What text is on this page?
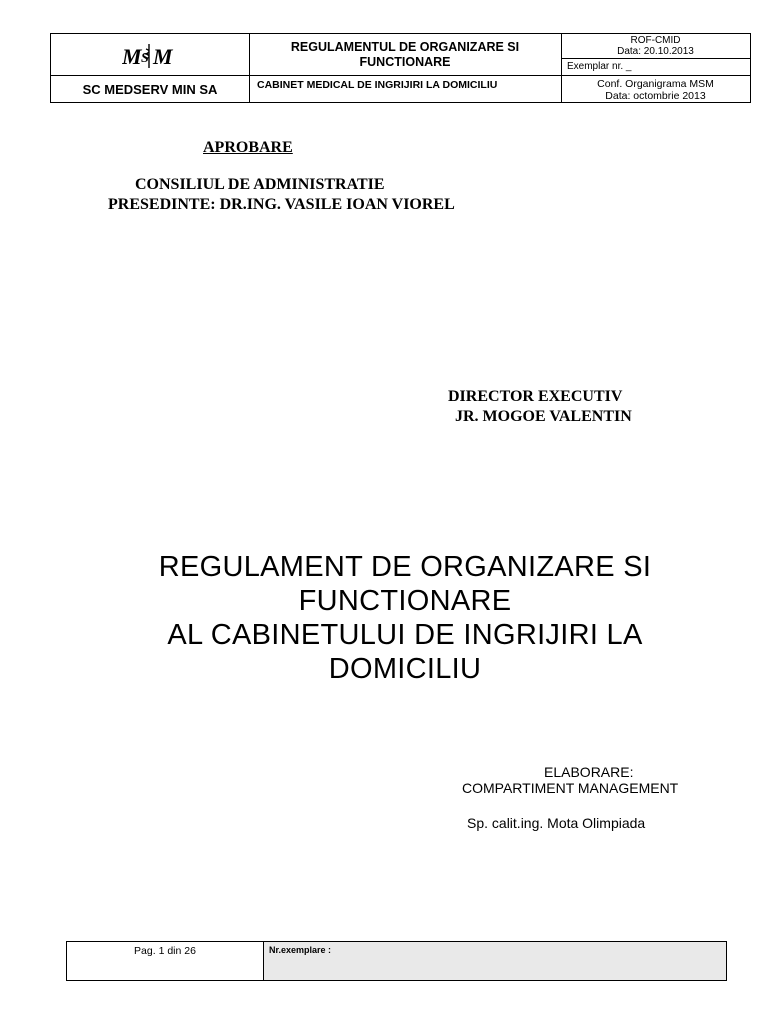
M S M
SC MEDSERV MIN SA
REGULAMENTUL DE ORGANIZARE SI FUNCTIONARE
CABINET MEDICAL DE INGRIJIRI LA DOMICILIU
ROF-CMID
Data: 20.10.2013
Exemplar nr. _
Conf. Organigrama MSM
Data: octombrie 2013
APROBARE
CONSILIUL DE ADMINISTRATIE
PRESEDINTE: DR.ING. VASILE IOAN VIOREL
DIRECTOR EXECUTIV
JR. MOGOE VALENTIN
REGULAMENT DE ORGANIZARE SI
FUNCTIONARE
AL CABINETULUI DE INGRIJIRI LA
DOMICILIU
ELABORARE:
COMPARTIMENT MANAGEMENT
Sp. calit.ing. Mota Olimpiada
Pag. 1 din 26	Nr.exemplare :
